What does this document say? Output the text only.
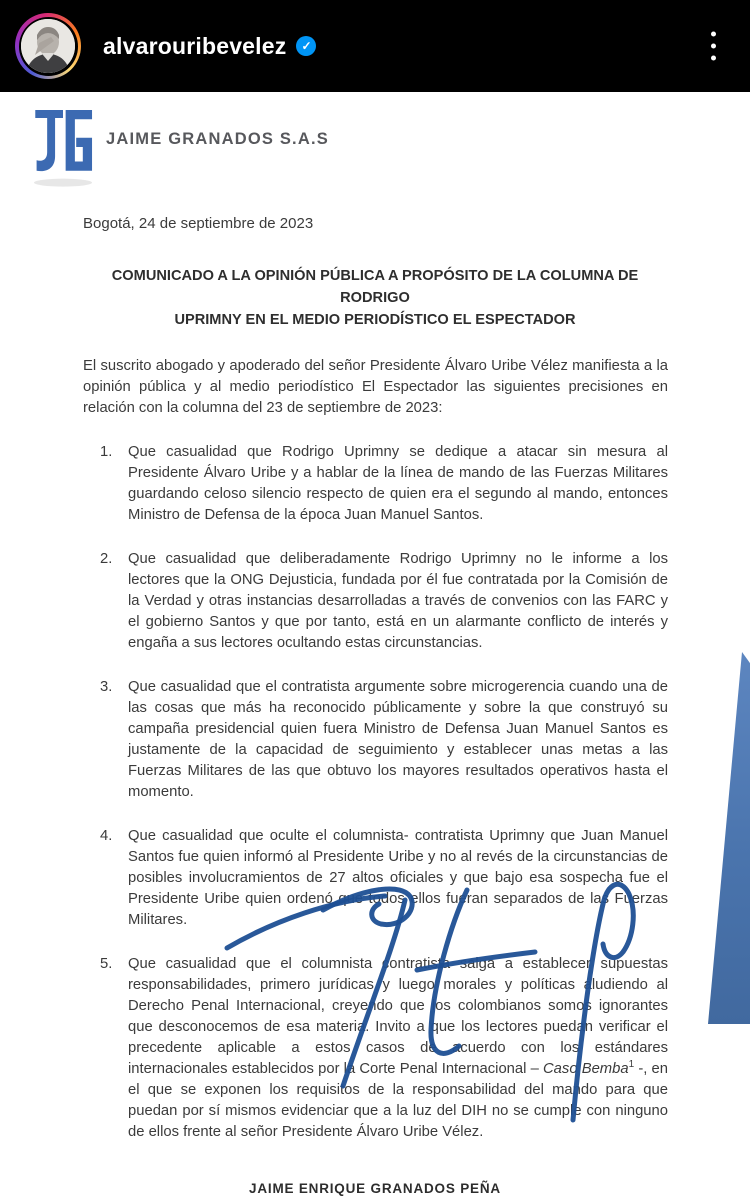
alvarouribevelez	✓
JAIME GRANADOS S.A.S
Bogotá, 24 de septiembre de 2023
COMUNICADO A LA OPINIÓN PÚBLICA A PROPÓSITO DE LA COLUMNA DE RODRIGO
UPRIMNY EN EL MEDIO PERIODÍSTICO EL ESPECTADOR
El suscrito abogado y apoderado del señor Presidente Álvaro Uribe Vélez manifiesta a la opinión pública y al medio periodístico El Espectador las siguientes precisiones en relación con la columna del 23 de septiembre de 2023:
1.	Que casualidad que Rodrigo Uprimny se dedique a atacar sin mesura al Presidente Álvaro Uribe y a hablar de la línea de mando de las Fuerzas Militares guardando celoso silencio respecto de quien era el segundo al mando, entonces Ministro de Defensa de la época Juan Manuel Santos.
2.	Que casualidad que deliberadamente Rodrigo Uprimny no le informe a los lectores que la ONG Dejusticia, fundada por él fue contratada por la Comisión de la Verdad y otras instancias desarrolladas a través de convenios con las FARC y el gobierno Santos y que por tanto, está en un alarmante conflicto de interés y engaña a sus lectores ocultando estas circunstancias.
3.	Que casualidad que el contratista argumente sobre microgerencia cuando una de las cosas que más ha reconocido públicamente y sobre la que construyó su campaña presidencial quien fuera Ministro de Defensa Juan Manuel Santos es justamente de la capacidad de seguimiento y establecer unas metas a las Fuerzas Militares de las que obtuvo los mayores resultados operativos hasta el momento.
4.	Que casualidad que oculte el columnista- contratista Uprimny que Juan Manuel Santos fue quien informó al Presidente Uribe y no al revés de la circunstancias de posibles involucramientos de 27 altos oficiales y que bajo esa sospecha fue el Presidente Uribe quien ordenó que todos ellos fueran separados de las Fuerzas Militares.
5.	Que casualidad que el columnista contratista salga a establecer supuestas responsabilidades, primero jurídicas y luego morales y políticas aludiendo al Derecho Penal Internacional, creyendo que los colombianos somos ignorantes que desconocemos de esa materia. Invito a que los lectores puedan verificar el precedente aplicable a estos casos de acuerdo con los estándares internacionales establecidos por la Corte Penal Internacional – Caso Bemba$^1$ -, en el que se exponen los requisitos de la responsabilidad del mando para que puedan por sí mismos evidenciar que a la luz del DIH no se cumple con ninguno de ellos frente al señor Presidente Álvaro Uribe Vélez.
JAIME ENRIQUE GRANADOS PEÑA
